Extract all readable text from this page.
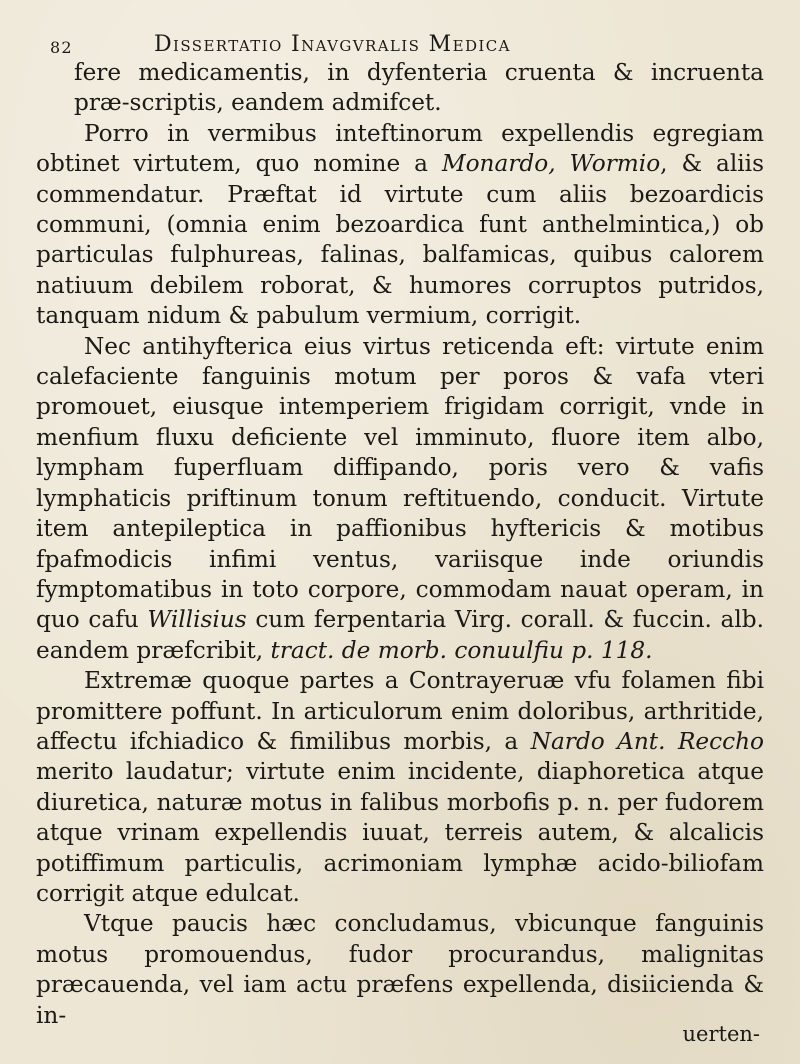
82	Dissertatio Inavgvralis Medica

fere medicamentis, in dyfenteria cruenta & incruenta præ-scriptis, eandem admifcet.

Porro in vermibus inteftinorum expellendis egregiam obtinet virtutem, quo nomine a Monardo, Wormio, & aliis commendatur. Præftat id virtute cum aliis bezoardicis communi, (omnia enim bezoardica funt anthelmintica,) ob particulas fulphureas, falinas, balfamicas, quibus calorem natiuum debilem roborat, & humores corruptos putridos, tanquam nidum & pabulum vermium, corrigit.

Nec antihyfterica eius virtus reticenda eft: virtute enim calefaciente fanguinis motum per poros & vafa vteri promouet, eiusque intemperiem frigidam corrigit, vnde in menfium fluxu deficiente vel imminuto, fluore item albo, lympham fuperfluam diffipando, poris vero & vafis lymphaticis priftinum tonum reftituendo, conducit. Virtute item antepileptica in paffionibus hyftericis & motibus fpafmodicis infimi ventus, variisque inde oriundis fymptomatibus in toto corpore, commodam nauat operam, in quo cafu Willisius cum ferpentaria Virg. corall. & fuccin. alb. eandem præfcribit, tract. de morb. conuulfiu p. 118.

Extremæ quoque partes a Contrayeruæ vfu folamen fibi promittere poffunt. In articulorum enim doloribus, arthritide, affectu ifchiadico & fimilibus morbis, a Nardo Ant. Reccho merito laudatur; virtute enim incidente, diaphoretica atque diuretica, naturæ motus in falibus morbofis p. n. per fudorem atque vrinam expellendis iuuat, terreis autem, & alcalicis potiffimum particulis, acrimoniam lymphæ acido-biliofam corrigit atque edulcat.

Vtque paucis hæc concludamus, vbicunque fanguinis motus promouendus, fudor procurandus, malignitas præcauenda, vel iam actu præfens expellenda, disiicienda & in-

uerten-
